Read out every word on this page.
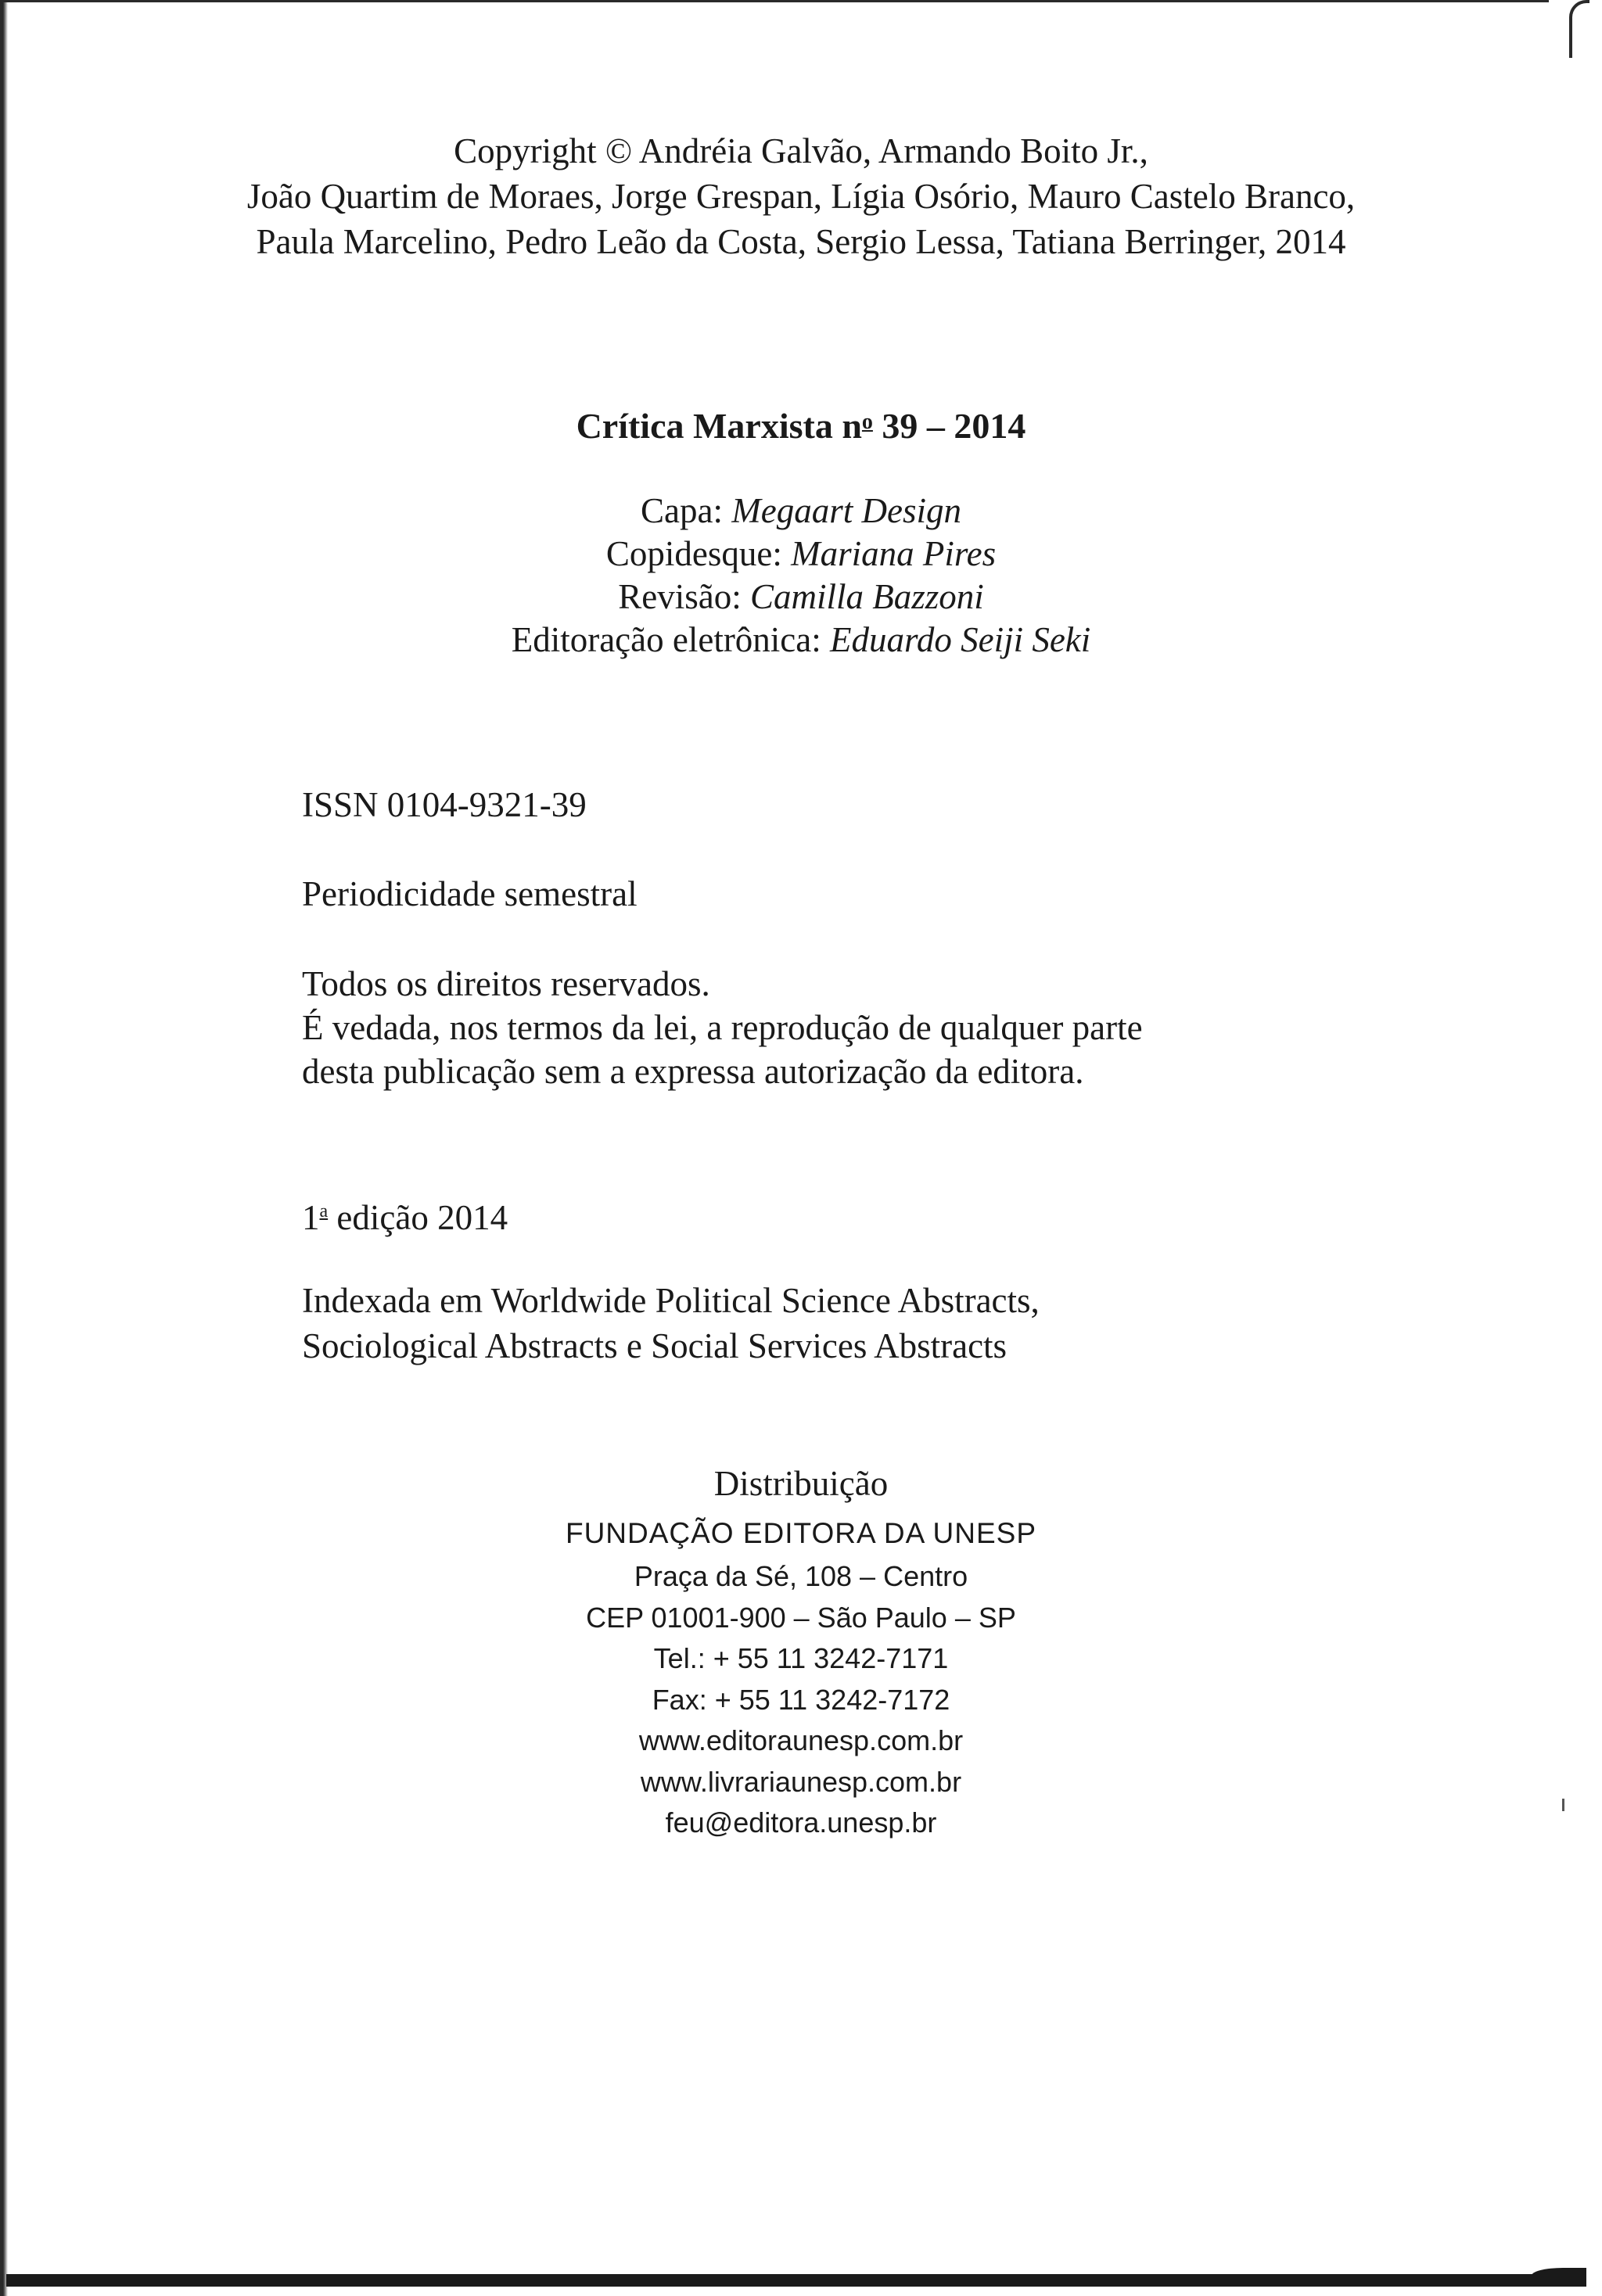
Copyright © Andréia Galvão, Armando Boito Jr.,
João Quartim de Moraes, Jorge Grespan, Lígia Osório, Mauro Castelo Branco,
Paula Marcelino, Pedro Leão da Costa, Sergio Lessa, Tatiana Berringer, 2014
Crítica Marxista $n^o$ 39 – 2014
Capa: Megaart Design
Copidesque: Mariana Pires
Revisão: Camilla Bazzoni
Editoração eletrônica: Eduardo Seiji Seki
ISSN 0104-9321-39
Periodicidade semestral
Todos os direitos reservados.
É vedada, nos termos da lei, a reprodução de qualquer parte
desta publicação sem a expressa autorização da editora.
1$^a$ edição 2014
Indexada em Worldwide Political Science Abstracts,
Sociological Abstracts e Social Services Abstracts
Distribuição
FUNDAÇÃO EDITORA DA UNESP
Praça da Sé, 108 – Centro
CEP 01001-900 – São Paulo – SP
Tel.: + 55 11 3242-7171
Fax: + 55 11 3242-7172
www.editoraunesp.com.br
www.livrariaunesp.com.br
feu@editora.unesp.br
